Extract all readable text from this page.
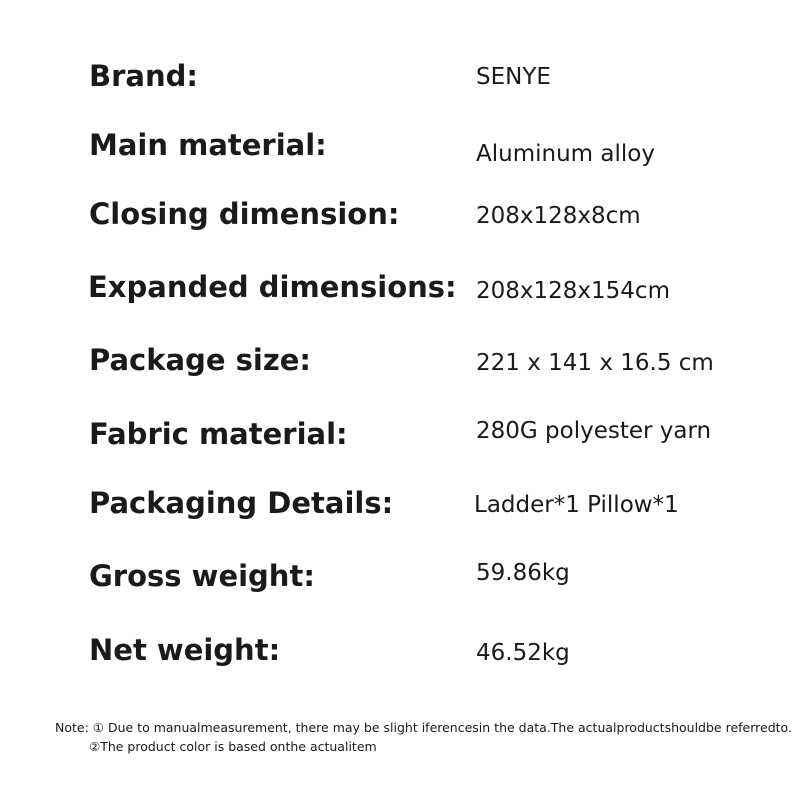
Brand:	SENYE
Main material:	Aluminum alloy
Closing dimension:	208x128x8cm
Expanded dimensions: 208x128x154cm
Package size:	221 x 141 x 16.5 cm
Fabric material:	280G polyester yarn
Packaging Details:	Ladder*1 Pillow*1
Gross weight:	59.86kg
Net weight:	46.52kg
Note: ① Due to manualmeasurement, there may be slight iferencesin the data.The actualproductshouldbe referredto.
②The product color is based onthe actualitem
